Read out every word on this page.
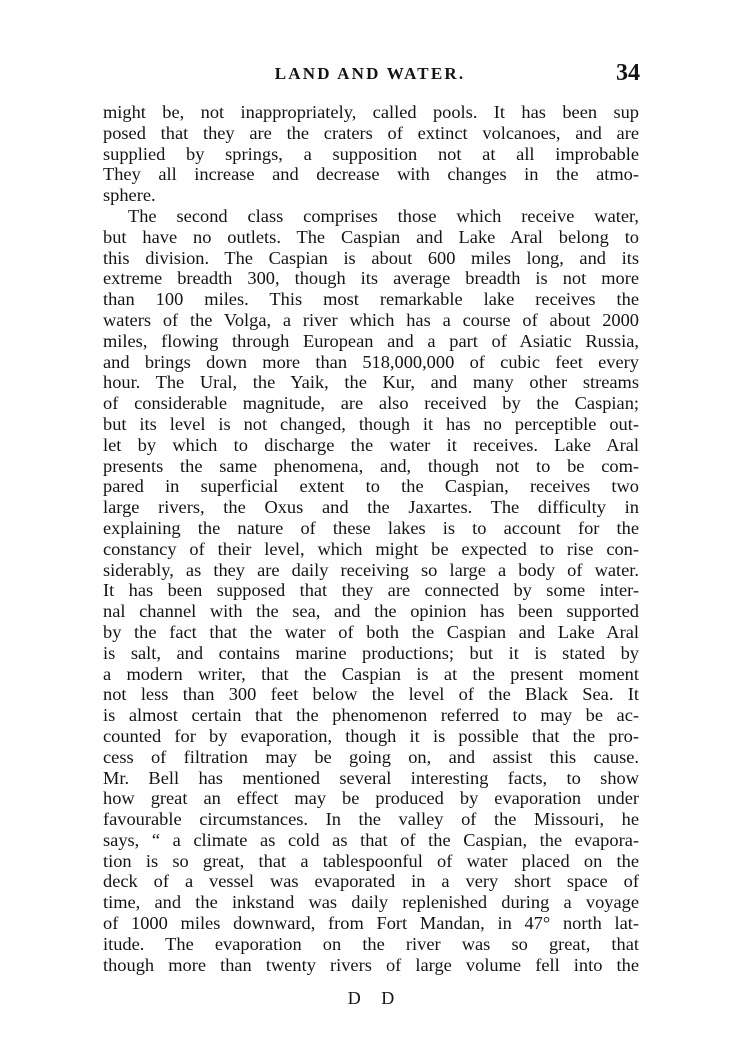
LAND AND WATER.	34
might be, not inappropriately, called pools. It has been sup
posed that they are the craters of extinct volcanoes, and are
supplied by springs, a supposition not at all improbable
They all increase and decrease with changes in the atmo-
sphere.
The second class comprises those which receive water,
but have no outlets. The Caspian and Lake Aral belong to
this division. The Caspian is about 600 miles long, and its
extreme breadth 300, though its average breadth is not more
than 100 miles. This most remarkable lake receives the
waters of the Volga, a river which has a course of about 2000
miles, flowing through European and a part of Asiatic Russia,
and brings down more than 518,000,000 of cubic feet every
hour. The Ural, the Yaik, the Kur, and many other streams
of considerable magnitude, are also received by the Caspian;
but its level is not changed, though it has no perceptible out-
let by which to discharge the water it receives. Lake Aral
presents the same phenomena, and, though not to be com-
pared in superficial extent to the Caspian, receives two
large rivers, the Oxus and the Jaxartes. The difficulty in
explaining the nature of these lakes is to account for the
constancy of their level, which might be expected to rise con-
siderably, as they are daily receiving so large a body of water.
It has been supposed that they are connected by some inter-
nal channel with the sea, and the opinion has been supported
by the fact that the water of both the Caspian and Lake Aral
is salt, and contains marine productions; but it is stated by
a modern writer, that the Caspian is at the present moment
not less than 300 feet below the level of the Black Sea. It
is almost certain that the phenomenon referred to may be ac-
counted for by evaporation, though it is possible that the pro-
cess of filtration may be going on, and assist this cause.
Mr. Bell has mentioned several interesting facts, to show
how great an effect may be produced by evaporation under
favourable circumstances. In the valley of the Missouri, he
says, “ a climate as cold as that of the Caspian, the evapora-
tion is so great, that a tablespoonful of water placed on the
deck of a vessel was evaporated in a very short space of
time, and the inkstand was daily replenished during a voyage
of 1000 miles downward, from Fort Mandan, in 47° north lat-
itude. The evaporation on the river was so great, that
though more than twenty rivers of large volume fell into the
D D
